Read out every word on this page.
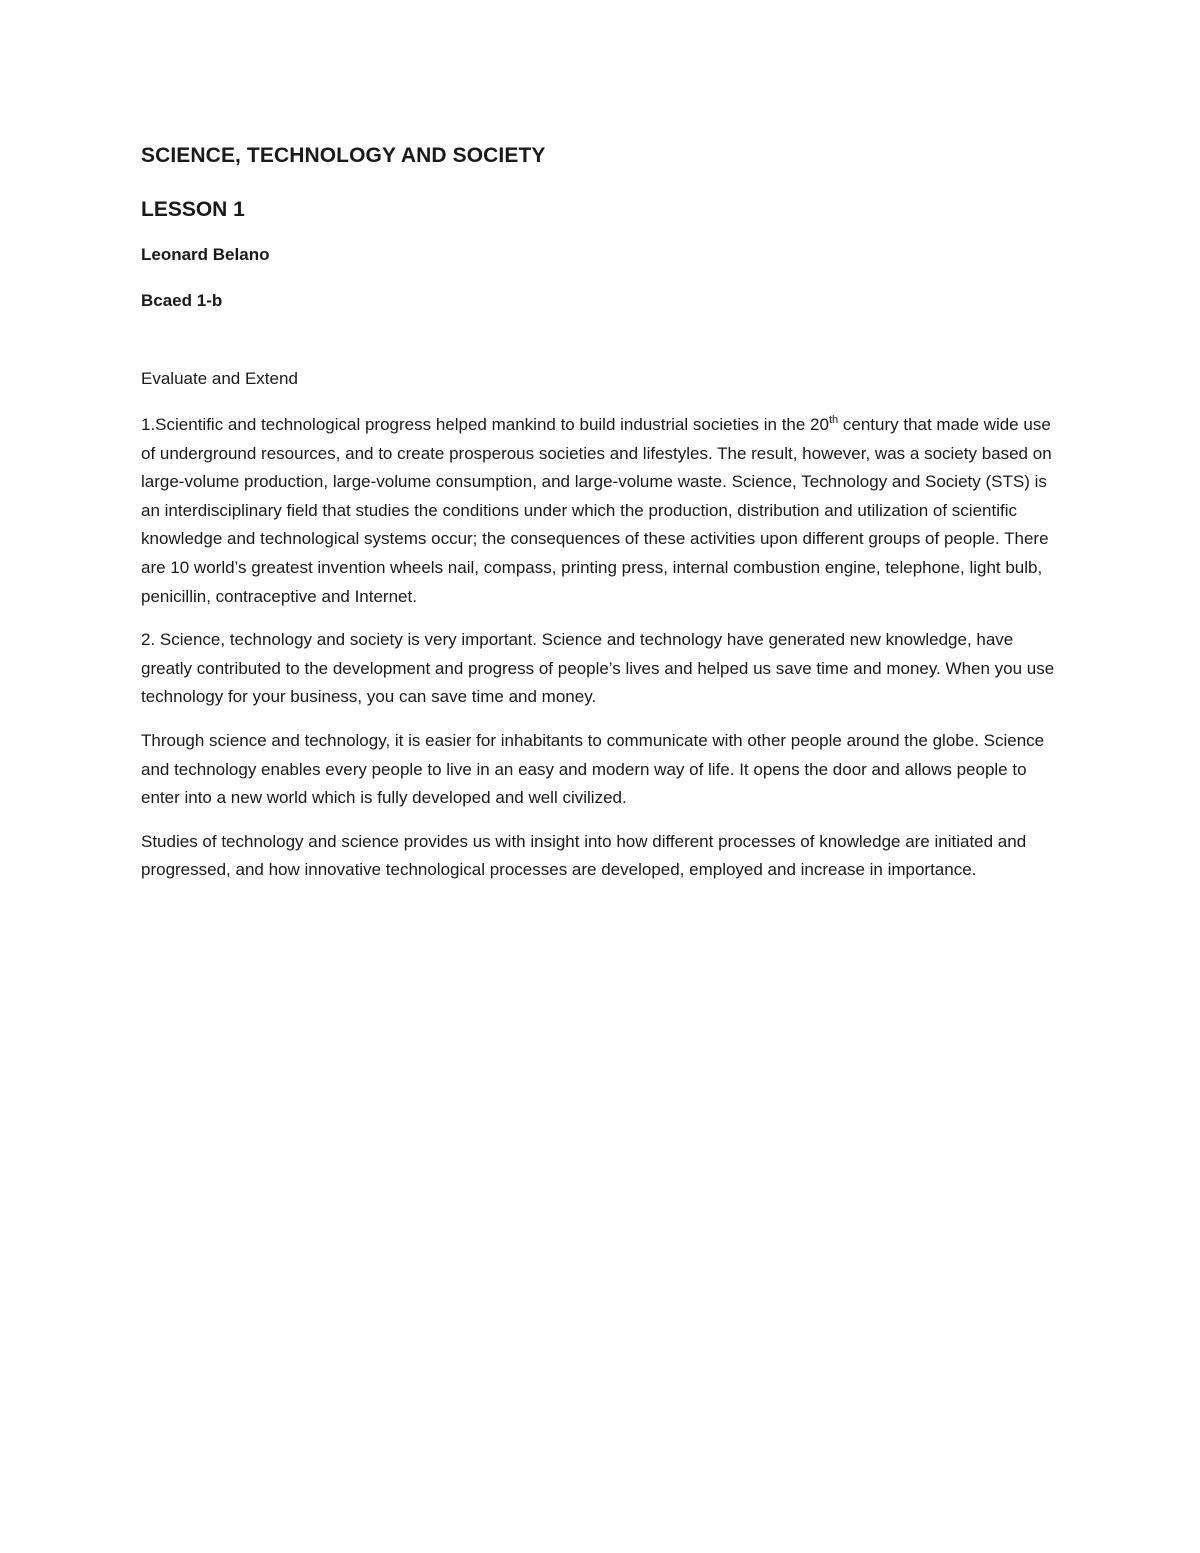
SCIENCE, TECHNOLOGY AND SOCIETY
LESSON 1
Leonard Belano
Bcaed 1-b
Evaluate and Extend

1.Scientific and technological progress helped mankind to build industrial societies in the 20th century that made wide use of underground resources, and to create prosperous societies and lifestyles. The result, however, was a society based on large-volume production, large-volume consumption, and large-volume waste. Science, Technology and Society (STS) is an interdisciplinary field that studies the conditions under which the production, distribution and utilization of scientific knowledge and technological systems occur; the consequences of these activities upon different groups of people. There are 10 world’s greatest invention wheels nail, compass, printing press, internal combustion engine, telephone, light bulb, penicillin, contraceptive and Internet.

2. Science, technology and society is very important. Science and technology have generated new knowledge, have greatly contributed to the development and progress of people’s lives and helped us save time and money. When you use technology for your business, you can save time and money.

Through science and technology, it is easier for inhabitants to communicate with other people around the globe. Science and technology enables every people to live in an easy and modern way of life. It opens the door and allows people to enter into a new world which is fully developed and well civilized.

Studies of technology and science provides us with insight into how different processes of knowledge are initiated and progressed, and how innovative technological processes are developed, employed and increase in importance.
